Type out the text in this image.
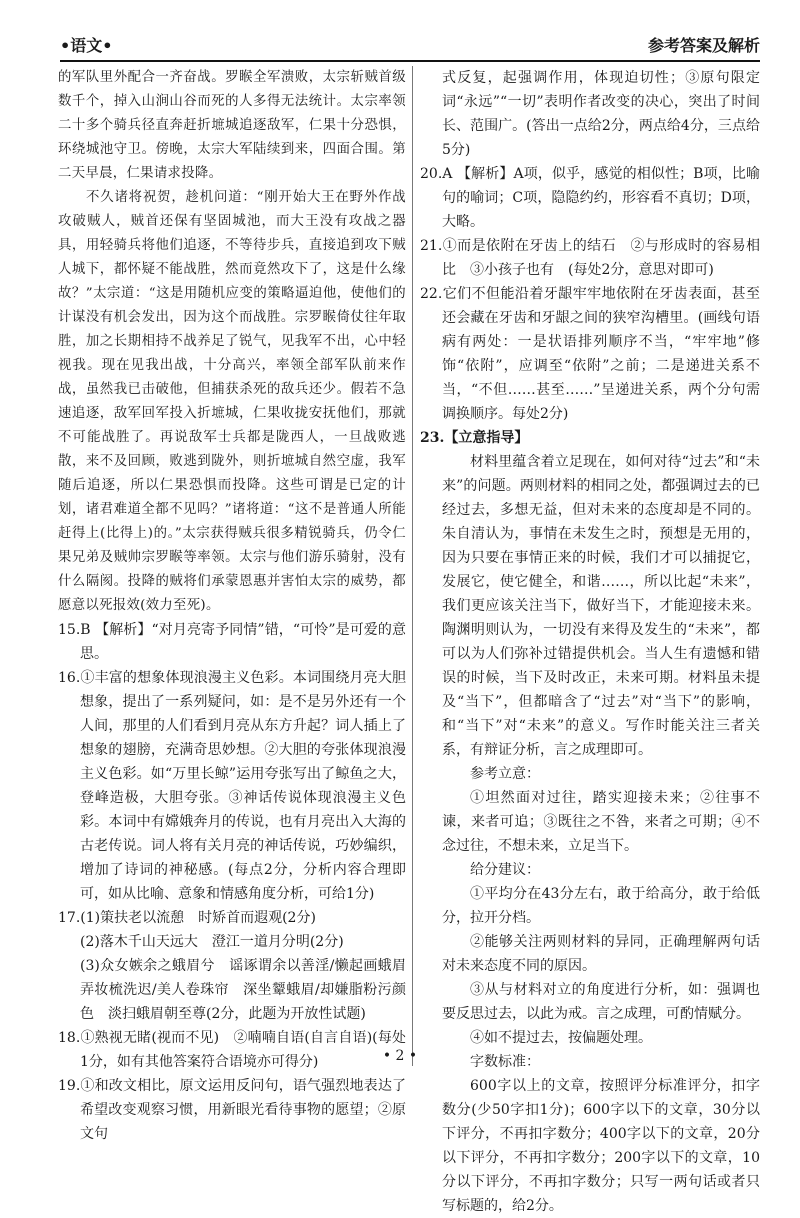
•语文•	参考答案及解析

的军队里外配合一齐奋战。罗睺全军溃败，太宗斩贼首级数千个，掉入山涧山谷而死的人多得无法统计。太宗率领二十多个骑兵径直奔赶折墌城追逐敌军，仁果十分恐惧，环绕城池守卫。傍晚，太宗大军陆续到来，四面合围。第二天早晨，仁果请求投降。

不久诸将祝贺，趁机问道：“刚开始大王在野外作战攻破贼人，贼首还保有坚固城池，而大王没有攻战之器具，用轻骑兵将他们追逐，不等待步兵，直接追到攻下贼人城下，都怀疑不能战胜，然而竟然攻下了，这是什么缘故？”太宗道：“这是用随机应变的策略逼迫他，使他们的计谋没有机会发出，因为这个而战胜。宗罗睺倚仗往年取胜，加之长期相持不战养足了锐气，见我军不出，心中轻视我。现在见我出战，十分高兴，率领全部军队前来作战，虽然我已击破他，但捕获杀死的敌兵还少。假若不急速追逐，敌军回军投入折墌城，仁果收拢安抚他们，那就不可能战胜了。再说敌军士兵都是陇西人，一旦战败逃散，来不及回顾，败逃到陇外，则折墌城自然空虚，我军随后追逐，所以仁果恐惧而投降。这些可谓是已定的计划，诸君难道全都不见吗？”诸将道：“这不是普通人所能赶得上(比得上)的。”太宗获得贼兵很多精锐骑兵，仍令仁果兄弟及贼帅宗罗睺等率领。太宗与他们游乐骑射，没有什么隔阂。投降的贼将们承蒙恩惠并害怕太宗的威势，都愿意以死报效(效力至死)。

15.B 【解析】“对月亮寄予同情”错，“可怜”是可爱的意思。

16.①丰富的想象体现浪漫主义色彩。本词围绕月亮大胆想象，提出了一系列疑问，如：是不是另外还有一个人间，那里的人们看到月亮从东方升起？词人插上了想象的翅膀，充满奇思妙想。②大胆的夸张体现浪漫主义色彩。如“万里长鲸”运用夸张写出了鲸鱼之大，登峰造极，大胆夸张。③神话传说体现浪漫主义色彩。本词中有嫦娥奔月的传说，也有月亮出入大海的古老传说。词人将有关月亮的神话传说，巧妙编织，增加了诗词的神秘感。(每点2分，分析内容合理即可，如从比喻、意象和情感角度分析，可给1分)

17.(1)策扶老以流憩　时矫首而遐观(2分)

(2)落木千山天远大　澄江一道月分明(2分)

(3)众女嫉余之蛾眉兮　谣诼谓余以善淫/懒起画蛾眉　弄妆梳洗迟/美人卷珠帘　深坐颦蛾眉/却嫌脂粉污颜色　淡扫蛾眉朝至尊(2分，此题为开放性试题)

18.①熟视无睹(视而不见)　②喃喃自语(自言自语)(每处1分，如有其他答案符合语境亦可得分)

19.①和改文相比，原文运用反问句，语气强烈地表达了希望改变观察习惯，用新眼光看待事物的愿望；②原文句

式反复，起强调作用，体现迫切性；③原句限定词“永远”“一切”表明作者改变的决心，突出了时间长、范围广。(答出一点给2分，两点给4分，三点给5分)

20.A 【解析】A项，似乎，感觉的相似性；B项，比喻句的喻词；C项，隐隐约约，形容看不真切；D项，大略。

21.①而是依附在牙齿上的结石　②与形成时的容易相比　③小孩子也有　(每处2分，意思对即可)

22.它们不但能沿着牙龈牢牢地依附在牙齿表面，甚至还会藏在牙齿和牙龈之间的狭窄沟槽里。(画线句语病有两处：一是状语排列顺序不当，“牢牢地”修饰“依附”，应调至“依附”之前；二是递进关系不当，“不但……甚至……”呈递进关系，两个分句需调换顺序。每处2分)

23.【立意指导】

材料里蕴含着立足现在，如何对待“过去”和“未来”的问题。两则材料的相同之处，都强调过去的已经过去，多想无益，但对未来的态度却是不同的。朱自清认为，事情在未发生之时，预想是无用的，因为只要在事情正来的时候，我们才可以捕捉它，发展它，使它健全，和谐……，所以比起“未来”，我们更应该关注当下，做好当下，才能迎接未来。陶渊明则认为，一切没有来得及发生的“未来”，都可以为人们弥补过错提供机会。当人生有遗憾和错误的时候，当下及时改正，未来可期。材料虽未提及“当下”，但都暗含了“过去”对“当下”的影响，和“当下”对“未来”的意义。写作时能关注三者关系，有辩证分析，言之成理即可。

参考立意：

①坦然面对过往，踏实迎接未来；②往事不谏，来者可追；③既往之不咎，来者之可期；④不念过往，不想未来，立足当下。

给分建议：

①平均分在43分左右，敢于给高分，敢于给低分，拉开分档。

②能够关注两则材料的异同，正确理解两句话对未来态度不同的原因。

③从与材料对立的角度进行分析，如：强调也要反思过去，以此为戒。言之成理，可酌情赋分。

④如不提过去，按偏题处理。

字数标准：

600字以上的文章，按照评分标准评分，扣字数分(少50字扣1分)；600字以下的文章，30分以下评分，不再扣字数分；400字以下的文章，20分以下评分，不再扣字数分；200字以下的文章，10分以下评分，不再扣字数分；只写一两句话或者只写标题的，给2分。

• 2 •
